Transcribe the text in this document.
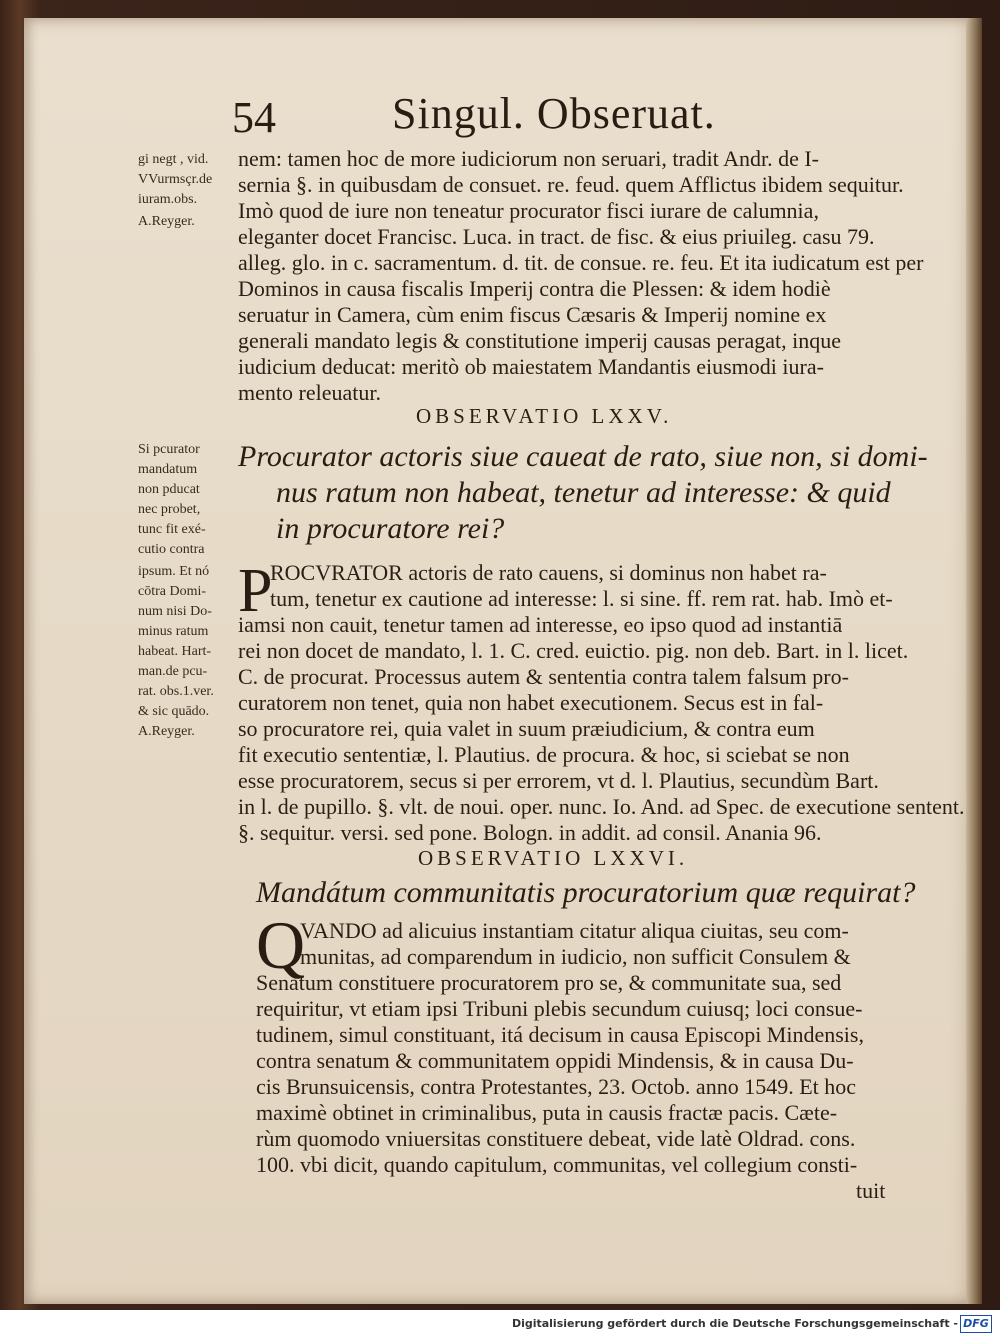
54	Singul. Obseruat.
gi negt , vid.
VVurmsçr.de
iuram.obs.
A.Reyger.
nem: tamen hoc de more iudiciorum non seruari, tradit Andr. de I-
sernia §. in quibusdam de consuet. re. feud. quem Afflictus ibidem sequitur.
Imò quod de iure non teneatur procurator fisci iurare de calumnia,
eleganter docet Francisc. Luca. in tract. de fisc. & eius priuileg. casu 79.
alleg. glo. in c. sacramentum. d. tit. de consue. re. feu. Et ita iudicatum est per
Dominos in causa fiscalis Imperij contra die Plessen: & idem hodiè
seruatur in Camera, cùm enim fiscus Cæsaris & Imperij nomine ex
generali mandato legis & constitutione imperij causas peragat, inque
iudicium deducat: meritò ob maiestatem Mandantis eiusmodi iura-
mento releuatur.
OBSERVATIO LXXV.
Procurator actoris siue caueat de rato, siue non, si domi-
nus ratum non habeat, tenetur ad interesse: & quid
in procuratore rei?
Si pcurator
mandatum
non pducat
nec probet,
tunc fit exé-
cutio contra
ipsum. Et nó
cōtra Domi-
num nisi Do-
minus ratum
habeat. Hart-
man.de pcu-
rat. obs.1.ver.
& sic quādo.
A.Reyger.
P
ROCVRATOR actoris de rato cauens, si dominus non habet ra-
tum, tenetur ex cautione ad interesse: l. si sine. ff. rem rat. hab. Imò et-
iamsi non cauit, tenetur tamen ad interesse, eo ipso quod ad instantiā
rei non docet de mandato, l. 1. C. cred. euictio. pig. non deb. Bart. in l. licet.
C. de procurat. Processus autem & sententia contra talem falsum pro-
curatorem non tenet, quia non habet executionem. Secus est in fal-
so procuratore rei, quia valet in suum præiudicium, & contra eum
fit executio sententiæ, l. Plautius. de procura. & hoc, si sciebat se non
esse procuratorem, secus si per errorem, vt d. l. Plautius, secundùm Bart.
in l. de pupillo. §. vlt. de noui. oper. nunc. Io. And. ad Spec. de executione sentent.
§. sequitur. versi. sed pone. Bologn. in addit. ad consil. Anania 96.
OBSERVATIO LXXVI.
Mandátum communitatis procuratorium quæ requirat?
Q
VANDO ad alicuius instantiam citatur aliqua ciuitas, seu com-
munitas, ad comparendum in iudicio, non sufficit Consulem &
Senatum constituere procuratorem pro se, & communitate sua, sed
requiritur, vt etiam ipsi Tribuni plebis secundum cuiusq; loci consue-
tudinem, simul constituant, itá decisum in causa Episcopi Mindensis,
contra senatum & communitatem oppidi Mindensis, & in causa Du-
cis Brunsuicensis, contra Protestantes, 23. Octob. anno 1549. Et hoc
maximè obtinet in criminalibus, puta in causis fractæ pacis. Cæte-
rùm quomodo vniuersitas constituere debeat, vide latè Oldrad. cons.
100. vbi dicit, quando capitulum, communitas, vel collegium consti-
tuit
Digitalisierung gefördert durch die Deutsche Forschungsgemeinschaft - DFG
